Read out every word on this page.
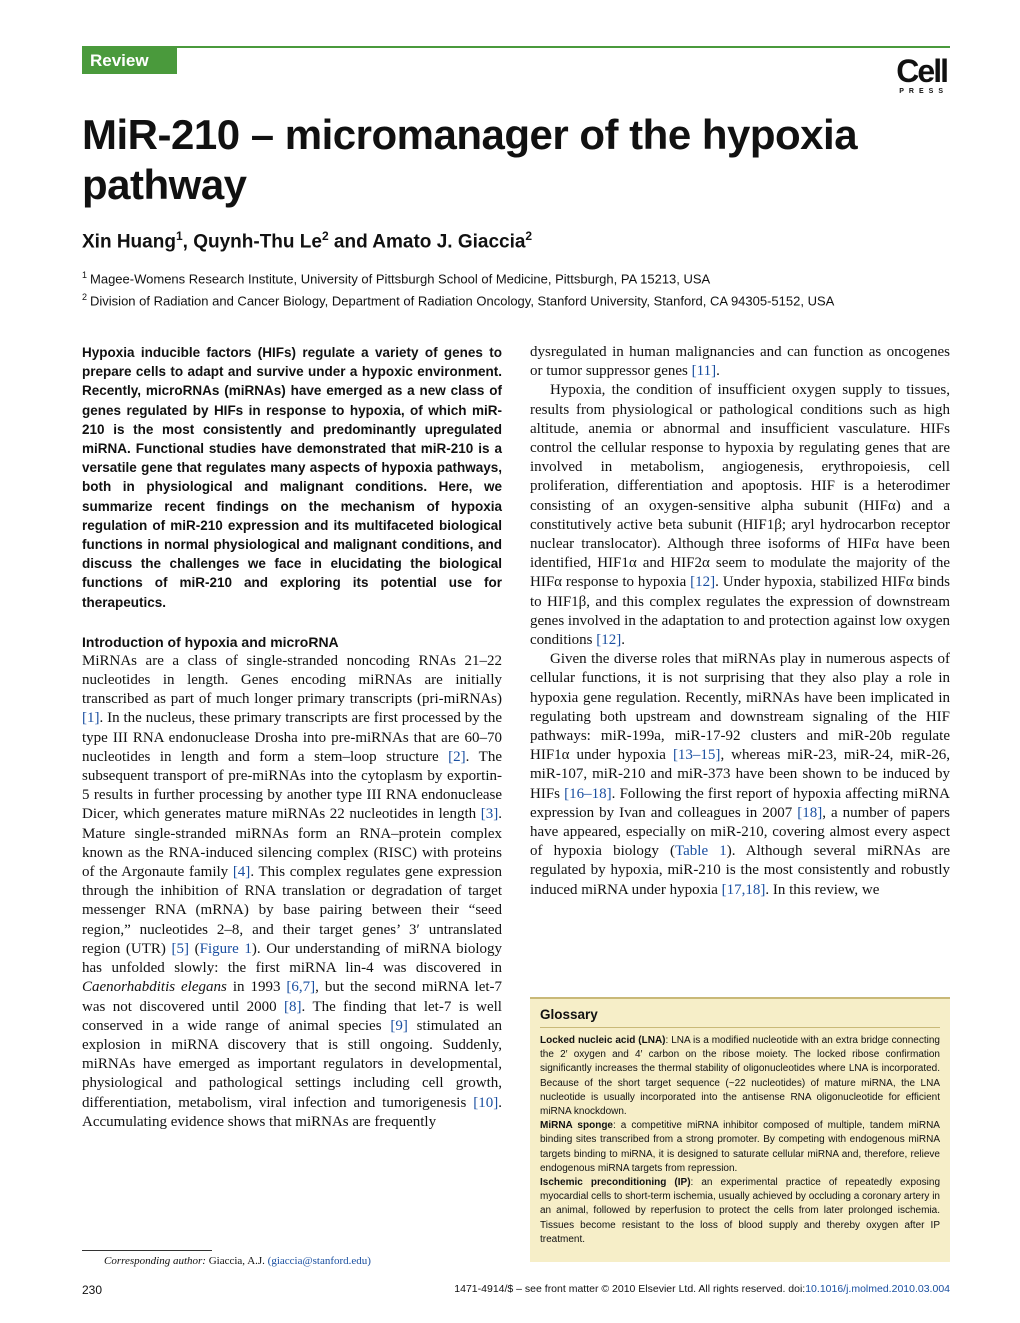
Review	Cell
PRESS
MiR-210 – micromanager of the hypoxia pathway
Xin Huang$^1$, Quynh-Thu Le$^2$ and Amato J. Giaccia$^2$
$^1$ Magee-Womens Research Institute, University of Pittsburgh School of Medicine, Pittsburgh, PA 15213, USA
$^2$ Division of Radiation and Cancer Biology, Department of Radiation Oncology, Stanford University, Stanford, CA 94305-5152, USA

Hypoxia inducible factors (HIFs) regulate a variety of genes to prepare cells to adapt and survive under a hypoxic environment. Recently, microRNAs (miRNAs) have emerged as a new class of genes regulated by HIFs in response to hypoxia, of which miR-210 is the most consistently and predominantly upregulated miRNA. Functional studies have demonstrated that miR-210 is a versatile gene that regulates many aspects of hypoxia pathways, both in physiological and malignant conditions. Here, we summarize recent findings on the mechanism of hypoxia regulation of miR-210 expression and its multifaceted biological functions in normal physiological and malignant conditions, and discuss the challenges we face in elucidating the biological functions of miR-210 and exploring its potential use for therapeutics.

Introduction of hypoxia and microRNA

MiRNAs are a class of single-stranded noncoding RNAs 21–22 nucleotides in length. Genes encoding miRNAs are initially transcribed as part of much longer primary transcripts (pri-miRNAs) [1]. In the nucleus, these primary transcripts are first processed by the type III RNA endonuclease Drosha into pre-miRNAs that are 60–70 nucleotides in length and form a stem–loop structure [2]. The subsequent transport of pre-miRNAs into the cytoplasm by exportin-5 results in further processing by another type III RNA endonuclease Dicer, which generates mature miRNAs 22 nucleotides in length [3]. Mature single-stranded miRNAs form an RNA–protein complex known as the RNA-induced silencing complex (RISC) with proteins of the Argonaute family [4]. This complex regulates gene expression through the inhibition of RNA translation or degradation of target messenger RNA (mRNA) by base pairing between their “seed region,” nucleotides 2–8, and their target genes’ 3′ untranslated region (UTR) [5] (Figure 1). Our understanding of miRNA biology has unfolded slowly: the first miRNA lin-4 was discovered in Caenorhabditis elegans in 1993 [6,7], but the second miRNA let-7 was not discovered until 2000 [8]. The finding that let-7 is well conserved in a wide range of animal species [9] stimulated an explosion in miRNA discovery that is still ongoing. Suddenly, miRNAs have emerged as important regulators in developmental, physiological and pathological settings including cell growth, differentiation, metabolism, viral infection and tumorigenesis [10]. Accumulating evidence shows that miRNAs are frequently

dysregulated in human malignancies and can function as oncogenes or tumor suppressor genes [11].

Hypoxia, the condition of insufficient oxygen supply to tissues, results from physiological or pathological conditions such as high altitude, anemia or abnormal and insufficient vasculature. HIFs control the cellular response to hypoxia by regulating genes that are involved in metabolism, angiogenesis, erythropoiesis, cell proliferation, differentiation and apoptosis. HIF is a heterodimer consisting of an oxygen-sensitive alpha subunit (HIFα) and a constitutively active beta subunit (HIF1β; aryl hydrocarbon receptor nuclear translocator). Although three isoforms of HIFα have been identified, HIF1α and HIF2α seem to modulate the majority of the HIFα response to hypoxia [12]. Under hypoxia, stabilized HIFα binds to HIF1β, and this complex regulates the expression of downstream genes involved in the adaptation to and protection against low oxygen conditions [12].

Given the diverse roles that miRNAs play in numerous aspects of cellular functions, it is not surprising that they also play a role in hypoxia gene regulation. Recently, miRNAs have been implicated in regulating both upstream and downstream signaling of the HIF pathways: miR-199a, miR-17-92 clusters and miR-20b regulate HIF1α under hypoxia [13–15], whereas miR-23, miR-24, miR-26, miR-107, miR-210 and miR-373 have been shown to be induced by HIFs [16–18]. Following the first report of hypoxia affecting miRNA expression by Ivan and colleagues in 2007 [18], a number of papers have appeared, especially on miR-210, covering almost every aspect of hypoxia biology (Table 1). Although several miRNAs are regulated by hypoxia, miR-210 is the most consistently and robustly induced miRNA under hypoxia [17,18]. In this review, we

Glossary

Locked nucleic acid (LNA): LNA is a modified nucleotide with an extra bridge connecting the 2′ oxygen and 4′ carbon on the ribose moiety. The locked ribose confirmation significantly increases the thermal stability of oligonucleotides where LNA is incorporated. Because of the short target sequence (~22 nucleotides) of mature miRNA, the LNA nucleotide is usually incorporated into the antisense RNA oligonucleotide for efficient miRNA knockdown.

MiRNA sponge: a competitive miRNA inhibitor composed of multiple, tandem miRNA binding sites transcribed from a strong promoter. By competing with endogenous miRNA targets binding to miRNA, it is designed to saturate cellular miRNA and, therefore, relieve endogenous miRNA targets from repression.

Ischemic preconditioning (IP): an experimental practice of repeatedly exposing myocardial cells to short-term ischemia, usually achieved by occluding a coronary artery in an animal, followed by reperfusion to protect the cells from later prolonged ischemia. Tissues become resistant to the loss of blood supply and thereby oxygen after IP treatment.

Corresponding author: Giaccia, A.J. (giaccia@stanford.edu)
230	1471-4914/$ – see front matter © 2010 Elsevier Ltd. All rights reserved. doi:10.1016/j.molmed.2010.03.004
